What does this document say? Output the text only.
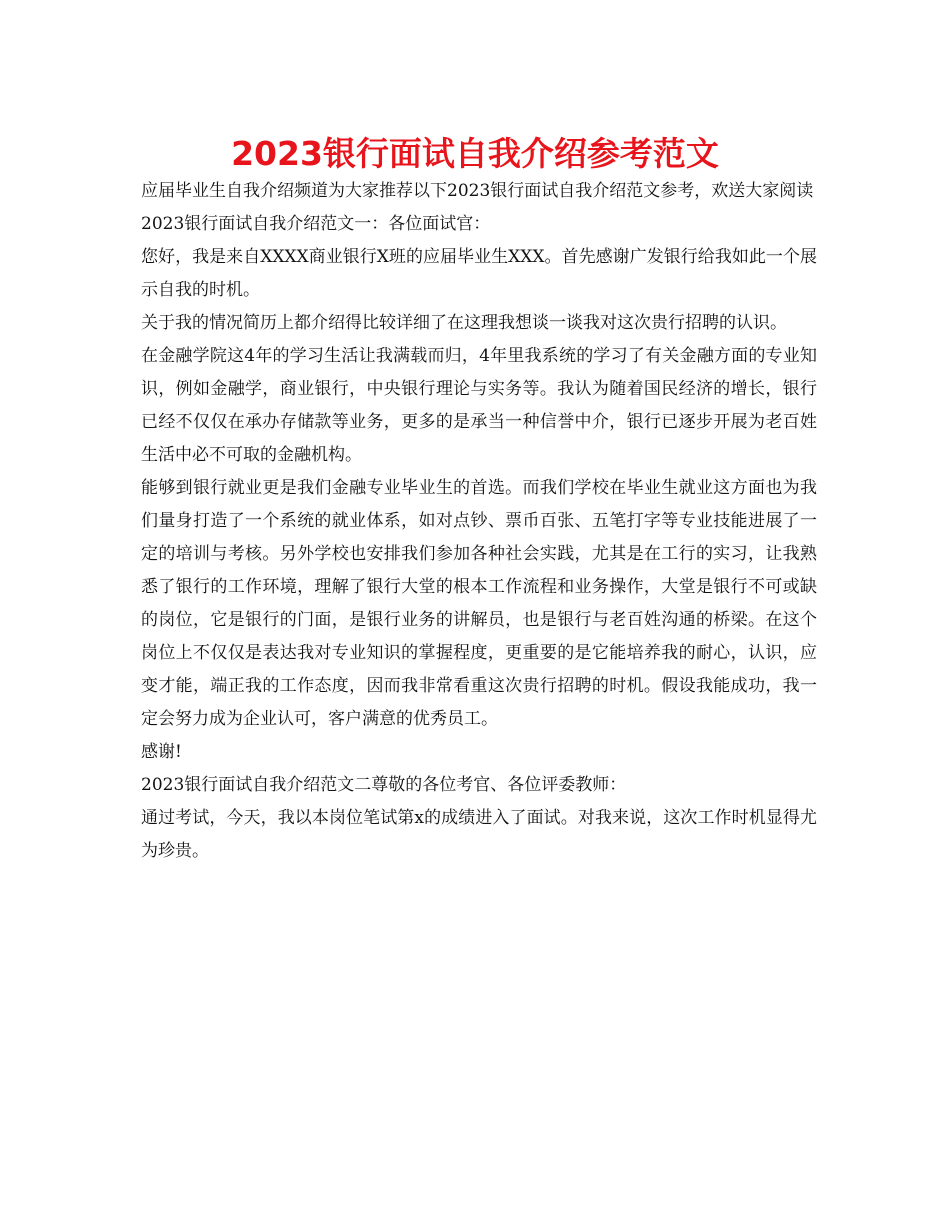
2023银行面试自我介绍参考范文

应届毕业生自我介绍频道为大家推荐以下2023银行面试自我介绍范文参考，欢送大家阅读

2023银行面试自我介绍范文一：各位面试官：

您好，我是来自XXXX商业银行X班的应届毕业生XXX。首先感谢广发银行给我如此一个展示自我的时机。

关于我的情况简历上都介绍得比较详细了在这理我想谈一谈我对这次贵行招聘的认识。

在金融学院这4年的学习生活让我满载而归，4年里我系统的学习了有关金融方面的专业知识，例如金融学，商业银行，中央银行理论与实务等。我认为随着国民经济的增长，银行已经不仅仅在承办存储款等业务，更多的是承当一种信誉中介，银行已逐步开展为老百姓生活中必不可取的金融机构。

能够到银行就业更是我们金融专业毕业生的首选。而我们学校在毕业生就业这方面也为我们量身打造了一个系统的就业体系，如对点钞、票币百张、五笔打字等专业技能进展了一定的培训与考核。另外学校也安排我们参加各种社会实践，尤其是在工行的实习，让我熟悉了银行的工作环境，理解了银行大堂的根本工作流程和业务操作，大堂是银行不可或缺的岗位，它是银行的门面，是银行业务的讲解员，也是银行与老百姓沟通的桥梁。在这个岗位上不仅仅是表达我对专业知识的掌握程度，更重要的是它能培养我的耐心，认识，应变才能，端正我的工作态度，因而我非常看重这次贵行招聘的时机。假设我能成功，我一定会努力成为企业认可，客户满意的优秀员工。

感谢!

2023银行面试自我介绍范文二尊敬的各位考官、各位评委教师：

通过考试，今天，我以本岗位笔试第x的成绩进入了面试。对我来说，这次工作时机显得尤为珍贵。
